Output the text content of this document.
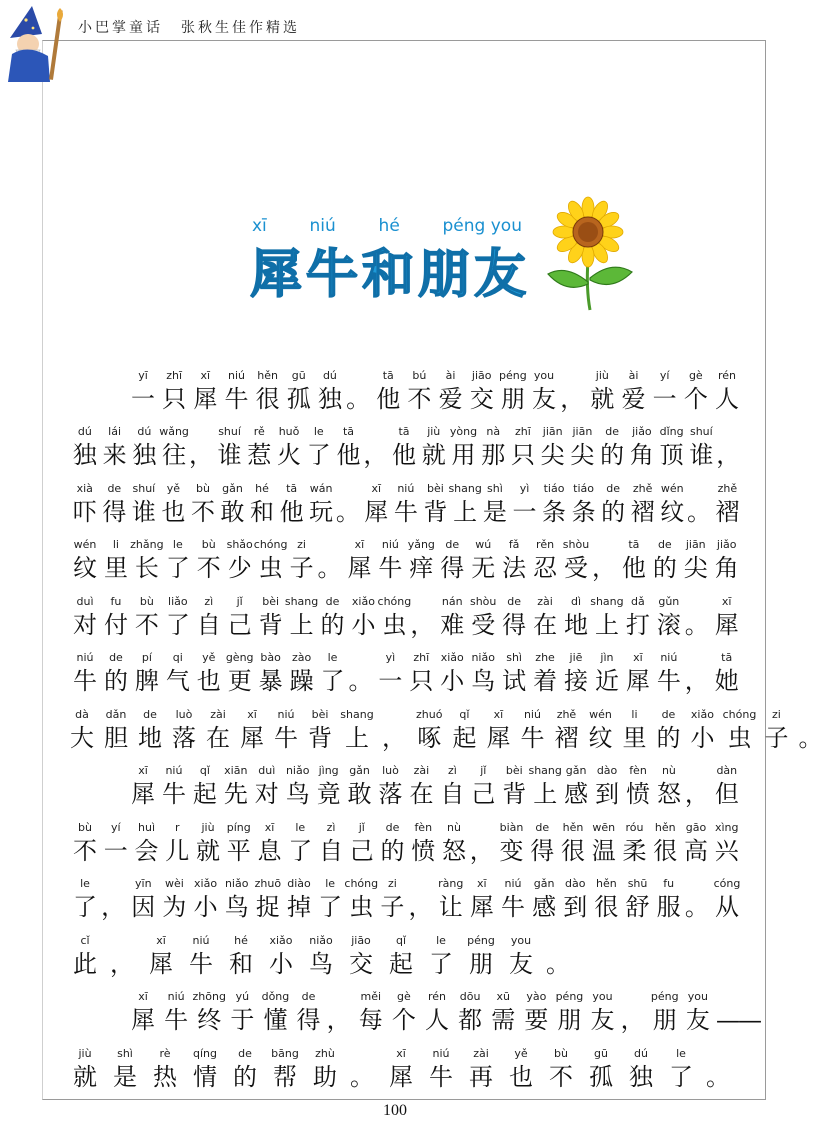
小巴掌童话 张秋生佳作精选
xī	niú	hé	péng you
犀牛和朋友
yī
一
zhī
只
xī
犀
niú
牛
hěn
很
gū
孤
dú
独 。
tā
他
bú
不
ài
爱
jiāo
交
péng
朋
you
友 ，
jiù
就
ài
爱
yí
一
gè
个
rén
人
dú
独
lái
来
dú
独
wǎng
往 ，
shuí
谁
rě
惹
huǒ
火
le
了
tā
他 ，
tā
他
jiù
就
yòng
用
nà
那
zhī
只
jiān
尖
jiān
尖
de
的
jiǎo
角
dǐng
顶
shuí
谁 ，
xià
吓
de
得
shuí
谁
yě
也
bù
不
gǎn
敢
hé
和
tā
他
wán
玩 。
xī
犀
niú
牛
bèi
背
shang
上
shì
是
yì
一
tiáo
条
tiáo
条
de
的
zhě
褶
wén
纹 。
zhě
褶
wén
纹
li
里
zhǎng
长
le
了
bù
不
shǎo
少
chóng
虫
zi
子 。
xī
犀
niú
牛
yǎng
痒
de
得
wú
无
fǎ
法
rěn
忍
shòu
受 ，
tā
他
de
的
jiān
尖
jiǎo
角
duì
对
fu
付
bù
不
liǎo
了
zì
自
jǐ
己
bèi
背
shang
上
de
的
xiǎo
小
chóng
虫 ，
nán
难
shòu
受
de
得
zài
在
dì
地
shang
上
dǎ
打
gǔn
滚 。
xī
犀
niú
牛
de
的
pí
脾
qi
气
yě
也
gèng
更
bào
暴
zào
躁
le
了 。
yì
一
zhī
只
xiǎo
小
niǎo
鸟
shì
试
zhe
着
jiē
接
jìn
近
xī
犀
niú
牛 ，
tā
她
dà
大
dǎn
胆
de
地
luò
落
zài
在
xī
犀
niú
牛
bèi
背
shang
上 ，
zhuó
啄
qǐ
起
xī
犀
niú
牛
zhě
褶
wén
纹
li
里
de
的
xiǎo
小
chóng
虫
zi
子 。
xī
犀
niú
牛
qǐ
起
xiān
先
duì
对
niǎo
鸟
jìng
竟
gǎn
敢
luò
落
zài
在
zì
自
jǐ
己
bèi
背
shang
上
gǎn
感
dào
到
fèn
愤
nù
怒 ，
dàn
但
bù
不
yí
一
huì
会
r
儿
jiù
就
píng
平
xī
息
le
了
zì
自
jǐ
己
de
的
fèn
愤
nù
怒 ，
biàn
变
de
得
hěn
很
wēn
温
róu
柔
hěn
很
gāo
高
xìng
兴
le
了 ，
yīn
因
wèi
为
xiǎo
小
niǎo
鸟
zhuō
捉
diào
掉
le
了
chóng
虫
zi
子 ，
ràng
让
xī
犀
niú
牛
gǎn
感
dào
到
hěn
很
shū
舒
fu
服 。
cóng
从
cǐ
此 ，
xī
犀
niú
牛
hé
和
xiǎo
小
niǎo
鸟
jiāo
交
qǐ
起
le
了
péng
朋
you
友 。
xī
犀
niú
牛
zhōng
终
yú
于
dǒng
懂
de
得 ，
měi
每
gè
个
rén
人
dōu
都
xū
需
yào
要
péng
朋
you
友 ，
péng
朋
you
友 ——
jiù
就
shì
是
rè
热
qíng
情
de
的
bāng
帮
zhù
助 。
xī
犀
niú
牛
zài
再
yě
也
bù
不
gū
孤
dú
独
le
了 。
100
